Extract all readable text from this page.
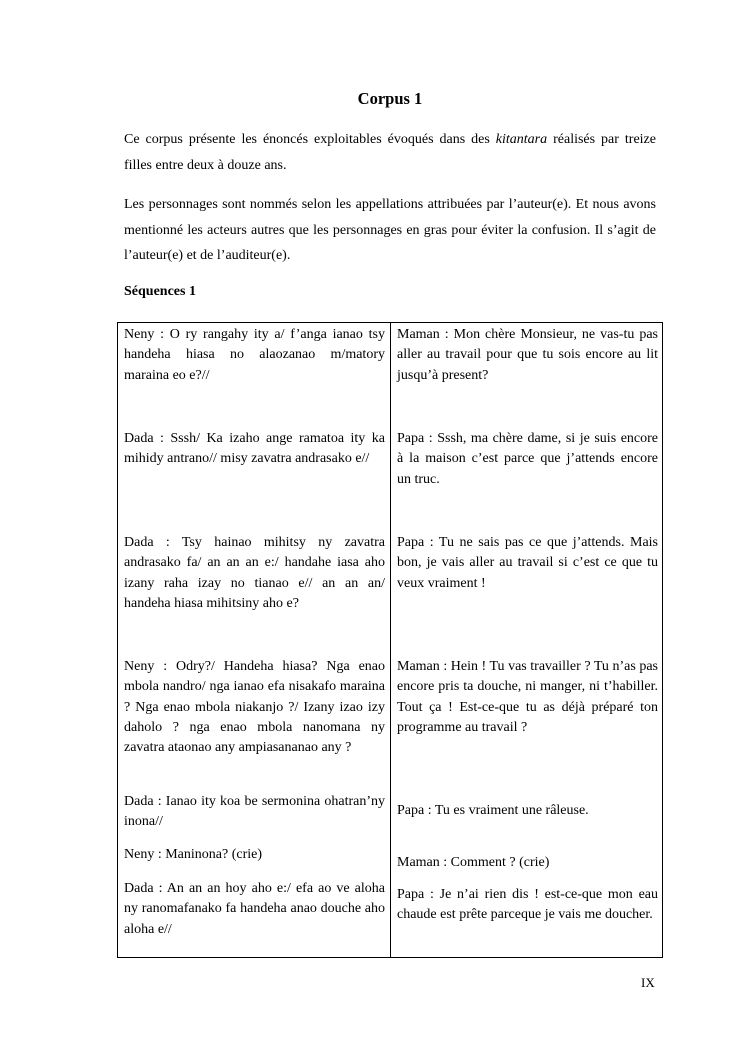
Corpus 1

Ce corpus présente les énoncés exploitables évoqués dans des kitantara réalisés par treize filles entre deux à douze ans.

Les personnages sont nommés selon les appellations attribuées par l’auteur(e). Et nous avons mentionné les acteurs autres que les personnages en gras pour éviter la confusion. Il s’agit de l’auteur(e) et de l’auditeur(e).

Séquences 1
Neny : O ry rangahy ity a/ f’anga ianao tsy handeha hiasa no alaozanao m/matory maraina eo e?//
Maman : Mon chère Monsieur, ne vas-tu pas aller au travail pour que tu sois encore au lit jusqu’à present?
Dada : Sssh/ Ka izaho ange ramatoa ity ka mihidy antrano// misy zavatra andrasako e//
Papa : Sssh, ma chère dame, si je suis encore à la maison c’est parce que j’attends encore un truc.
Dada : Tsy hainao mihitsy ny zavatra andrasako fa/ an an an e:/ handahe iasa aho izany raha izay no tianao e// an an an/ handeha hiasa mihitsiny aho e?
Papa : Tu ne sais pas ce que j’attends. Mais bon, je vais aller au travail si c’est ce que tu veux vraiment !
Neny : Odry?/ Handeha hiasa? Nga enao mbola nandro/ nga ianao efa nisakafo maraina ? Nga enao mbola niakanjo ?/ Izany izao izy daholo ? nga enao mbola nanomana ny zavatra ataonao any ampiasananao any ?
Maman : Hein ! Tu vas travailler ? Tu n’as pas encore pris ta douche, ni manger, ni t’habiller. Tout ça ! Est-ce-que tu as déjà préparé ton programme au travail ?
Dada : Ianao ity koa be sermonina ohatran’ny inona//
Papa : Tu es vraiment une râleuse.
Neny : Maninona? (crie)
Maman : Comment ? (crie)
Dada : An an an hoy aho e:/ efa ao ve aloha ny ranomafanako fa handeha anao douche aho aloha e//
Papa : Je n’ai rien dis ! est-ce-que mon eau chaude est prête parceque je vais me doucher.
IX
